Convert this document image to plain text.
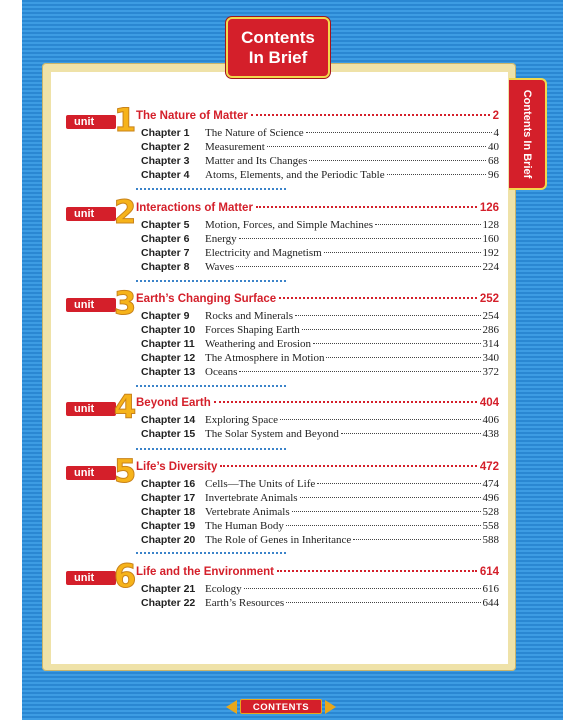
Contents
In Brief
Contents In Brief
unit 1 The Nature of Matter	2
Chapter 1	The Nature of Science	4
Chapter 2	Measurement	40
Chapter 3	Matter and Its Changes	68
Chapter 4	Atoms, Elements, and the Periodic Table	96
unit 2 Interactions of Matter	126
Chapter 5	Motion, Forces, and Simple Machines	128
Chapter 6	Energy	160
Chapter 7	Electricity and Magnetism	192
Chapter 8	Waves	224
unit 3 Earth’s Changing Surface	252
Chapter 9	Rocks and Minerals	254
Chapter 10 Forces Shaping Earth	286
Chapter 11 Weathering and Erosion	314
Chapter 12 The Atmosphere in Motion	340
Chapter 13 Oceans	372
unit 4 Beyond Earth	404
Chapter 14 Exploring Space	406
Chapter 15 The Solar System and Beyond	438
unit 5 Life’s Diversity	472
Chapter 16 Cells—The Units of Life	474
Chapter 17 Invertebrate Animals	496
Chapter 18 Vertebrate Animals	528
Chapter 19 The Human Body	558
Chapter 20 The Role of Genes in Inheritance	588
unit 6 Life and the Environment	614
Chapter 21 Ecology	616
Chapter 22 Earth’s Resources	644
CONTENTS
